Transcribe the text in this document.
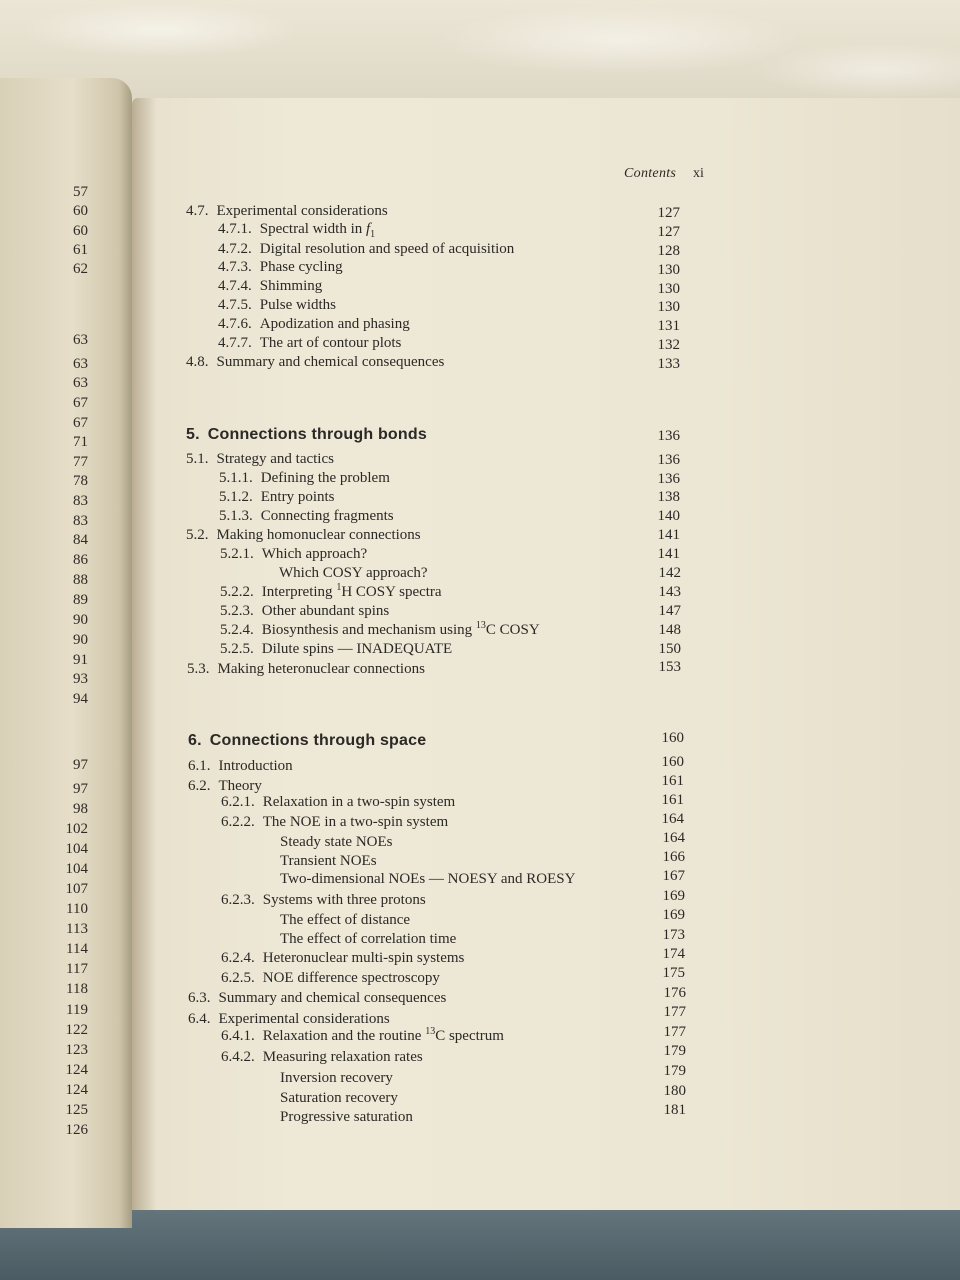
57
60
60
61
62
63
63
63
67
67
71
77
78
83
83
84
86
88
89
90
90
91
93
94
97
97
98
102
104
104
107
110
113
114
117
118
119
122
123
124
124
125
126
Contents xi
4.7. Experimental considerations	127
4.7.1. Spectral width in $f_1$	127
4.7.2. Digital resolution and speed of acquisition	128
4.7.3. Phase cycling	130
4.7.4. Shimming	130
4.7.5. Pulse widths	130
4.7.6. Apodization and phasing	131
4.7.7. The art of contour plots	132
4.8. Summary and chemical consequences	133
5. Connections through bonds	136
5.1. Strategy and tactics	136
5.1.1. Defining the problem	136
5.1.2. Entry points	138
5.1.3. Connecting fragments	140
5.2. Making homonuclear connections	141
5.2.1. Which approach?	141
Which COSY approach?	142
5.2.2. Interpreting $^1$H COSY spectra	143
5.2.3. Other abundant spins	147
5.2.4. Biosynthesis and mechanism using $^{13}$C COSY	148
5.2.5. Dilute spins — INADEQUATE	150
5.3. Making heteronuclear connections	153
6. Connections through space	160
6.1. Introduction	160
6.2. Theory	161
6.2.1. Relaxation in a two-spin system	161
6.2.2. The NOE in a two-spin system	164
Steady state NOEs	164
Transient NOEs	166
Two-dimensional NOEs — NOESY and ROESY	167
6.2.3. Systems with three protons	169
The effect of distance	169
The effect of correlation time	173
6.2.4. Heteronuclear multi-spin systems	174
6.2.5. NOE difference spectroscopy	175
6.3. Summary and chemical consequences	176
6.4. Experimental considerations	177
6.4.1. Relaxation and the routine $^{13}$C spectrum	177
6.4.2. Measuring relaxation rates	179
Inversion recovery	179
Saturation recovery	180
Progressive saturation	181
